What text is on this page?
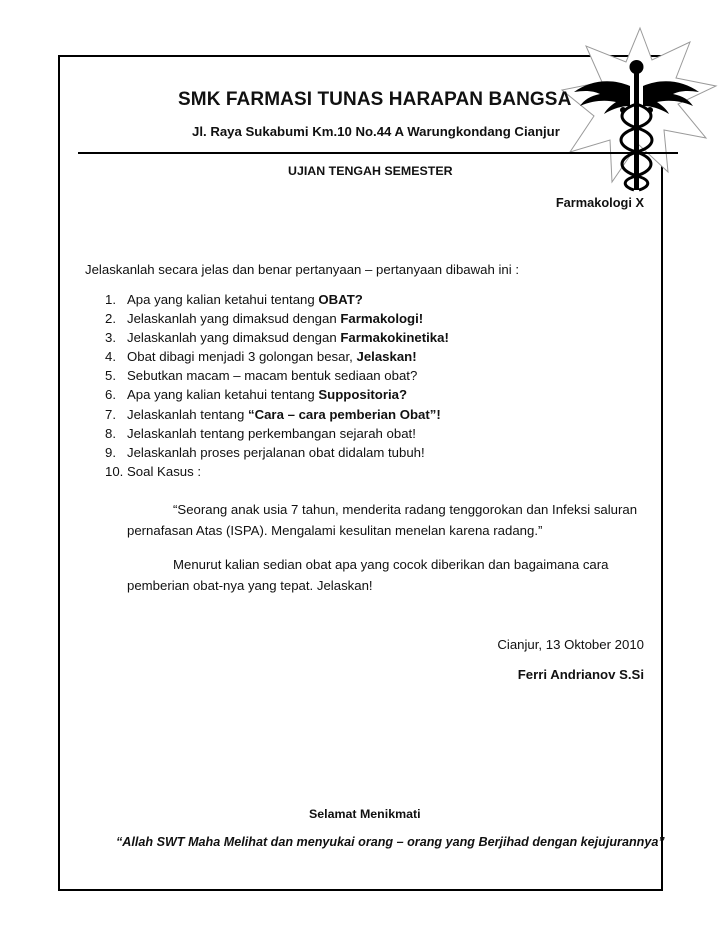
SMK FARMASI TUNAS HARAPAN BANGSA
Jl. Raya Sukabumi Km.10 No.44 A Warungkondang Cianjur
UJIAN TENGAH SEMESTER
Farmakologi X
Jelaskanlah secara jelas dan benar pertanyaan – pertanyaan dibawah ini :
1. Apa yang kalian ketahui tentang OBAT?
2. Jelaskanlah yang dimaksud dengan Farmakologi!
3. Jelaskanlah yang dimaksud dengan Farmakokinetika!
4. Obat dibagi menjadi 3 golongan besar, Jelaskan!
5. Sebutkan macam – macam bentuk sediaan obat?
6. Apa yang kalian ketahui tentang Suppositoria?
7. Jelaskanlah tentang “Cara – cara pemberian Obat”!
8. Jelaskanlah tentang perkembangan sejarah obat!
9. Jelaskanlah proses perjalanan obat didalam tubuh!
10. Soal Kasus :
“Seorang anak usia 7 tahun, menderita radang tenggorokan dan Infeksi saluran
pernafasan Atas (ISPA). Mengalami kesulitan menelan karena radang.”
Menurut kalian sedian obat apa yang cocok diberikan dan bagaimana cara
pemberian obat-nya yang tepat. Jelaskan!
Cianjur, 13 Oktober 2010
Ferri Andrianov S.Si
Selamat Menikmati
“Allah SWT Maha Melihat dan menyukai orang – orang yang Berjihad dengan kejujurannya”
